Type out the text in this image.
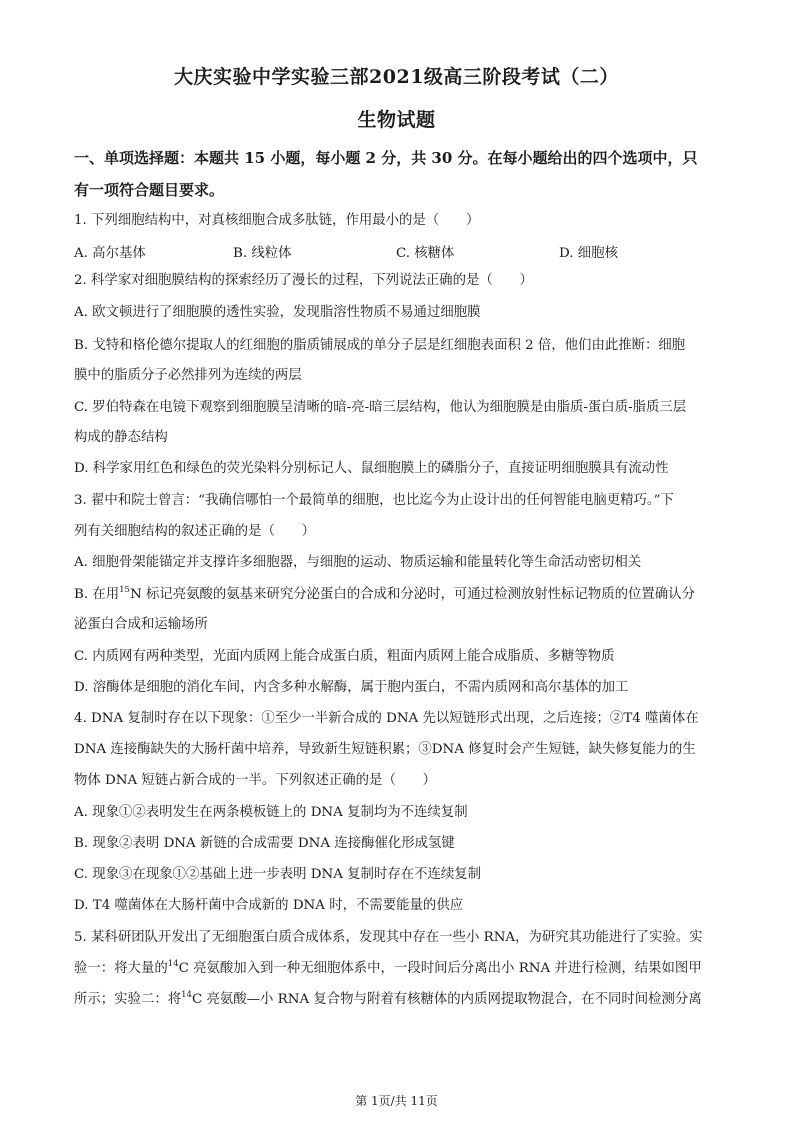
大庆实验中学实验三部2021级高三阶段考试（二）
生物试题
一、单项选择题：本题共 15 小题，每小题 2 分，共 30 分。在每小题给出的四个选项中，只
有一项符合题目要求。
1. 下列细胞结构中，对真核细胞合成多肽链，作用最小的是（　　）
A. 高尔基体	B. 线粒体	C. 核糖体	D. 细胞核
2. 科学家对细胞膜结构的探索经历了漫长的过程，下列说法正确的是（　　）
A. 欧文顿进行了细胞膜的透性实验，发现脂溶性物质不易通过细胞膜
B. 戈特和格伦德尔提取人的红细胞的脂质铺展成的单分子层是红细胞表面积 2 倍，他们由此推断：细胞
膜中的脂质分子必然排列为连续的两层
C. 罗伯特森在电镜下观察到细胞膜呈清晰的暗-亮-暗三层结构，他认为细胞膜是由脂质-蛋白质-脂质三层
构成的静态结构
D. 科学家用红色和绿色的荧光染料分别标记人、鼠细胞膜上的磷脂分子，直接证明细胞膜具有流动性
3. 翟中和院士曾言：“我确信哪怕一个最简单的细胞，也比迄今为止设计出的任何智能电脑更精巧。”下
列有关细胞结构的叙述正确的是（　　）
A. 细胞骨架能锚定并支撑许多细胞器，与细胞的运动、物质运输和能量转化等生命活动密切相关
B. 在用$^{15}$N 标记亮氨酸的氨基来研究分泌蛋白的合成和分泌时，可通过检测放射性标记物质的位置确认分
泌蛋白合成和运输场所
C. 内质网有两种类型，光面内质网上能合成蛋白质，粗面内质网上能合成脂质、多糖等物质
D. 溶酶体是细胞的消化车间，内含多种水解酶，属于胞内蛋白，不需内质网和高尔基体的加工
4. DNA 复制时存在以下现象：①至少一半新合成的 DNA 先以短链形式出现，之后连接；②T4 噬菌体在
DNA 连接酶缺失的大肠杆菌中培养，导致新生短链积累；③DNA 修复时会产生短链，缺失修复能力的生
物体 DNA 短链占新合成的一半。下列叙述正确的是（　　）
A. 现象①②表明发生在两条模板链上的 DNA 复制均为不连续复制
B. 现象②表明 DNA 新链的合成需要 DNA 连接酶催化形成氢键
C. 现象③在现象①②基础上进一步表明 DNA 复制时存在不连续复制
D. T4 噬菌体在大肠杆菌中合成新的 DNA 时，不需要能量的供应
5. 某科研团队开发出了无细胞蛋白质合成体系，发现其中存在一些小 RNA，为研究其功能进行了实验。实
验一：将大量的$^{14}$C 亮氨酸加入到一种无细胞体系中，一段时间后分离出小 RNA 并进行检测，结果如图甲
所示；实验二：将$^{14}$C 亮氨酸—小 RNA 复合物与附着有核糖体的内质网提取物混合，在不同时间检测分离
第 1页/共 11页
